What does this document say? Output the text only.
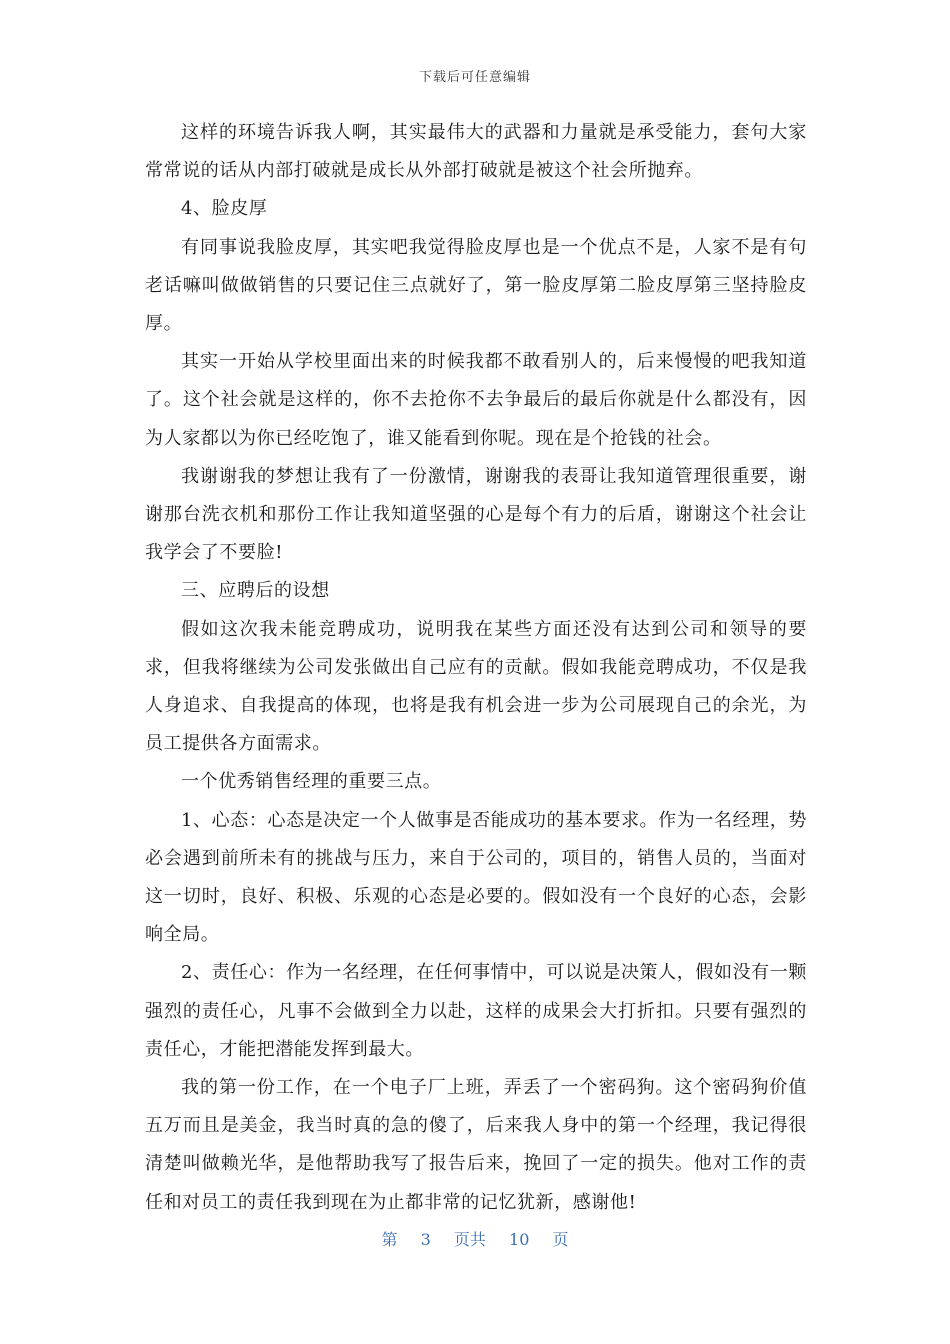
下载后可任意编辑

这样的环境告诉我人啊，其实最伟大的武器和力量就是承受能力，套句大家常常说的话从内部打破就是成长从外部打破就是被这个社会所抛弃。

4、脸皮厚

有同事说我脸皮厚，其实吧我觉得脸皮厚也是一个优点不是，人家不是有句老话嘛叫做做销售的只要记住三点就好了，第一脸皮厚第二脸皮厚第三坚持脸皮厚。

其实一开始从学校里面出来的时候我都不敢看别人的，后来慢慢的吧我知道了。这个社会就是这样的，你不去抢你不去争最后的最后你就是什么都没有，因为人家都以为你已经吃饱了，谁又能看到你呢。现在是个抢钱的社会。

我谢谢我的梦想让我有了一份激情，谢谢我的表哥让我知道管理很重要，谢谢那台洗衣机和那份工作让我知道坚强的心是每个有力的后盾，谢谢这个社会让我学会了不要脸!

三、应聘后的设想

假如这次我未能竞聘成功，说明我在某些方面还没有达到公司和领导的要求，但我将继续为公司发张做出自己应有的贡献。假如我能竞聘成功，不仅是我人身追求、自我提高的体现，也将是我有机会进一步为公司展现自己的余光，为员工提供各方面需求。

一个优秀销售经理的重要三点。

1、心态：心态是决定一个人做事是否能成功的基本要求。作为一名经理，势必会遇到前所未有的挑战与压力，来自于公司的，项目的，销售人员的，当面对这一切时，良好、积极、乐观的心态是必要的。假如没有一个良好的心态，会影响全局。

2、责任心：作为一名经理，在任何事情中，可以说是决策人，假如没有一颗强烈的责任心，凡事不会做到全力以赴，这样的成果会大打折扣。只要有强烈的责任心，才能把潜能发挥到最大。

我的第一份工作，在一个电子厂上班，弄丢了一个密码狗。这个密码狗价值五万而且是美金，我当时真的急的傻了，后来我人身中的第一个经理，我记得很清楚叫做赖光华，是他帮助我写了报告后来，挽回了一定的损失。他对工作的责任和对员工的责任我到现在为止都非常的记忆犹新，感谢他!

第 3 页共 10 页
